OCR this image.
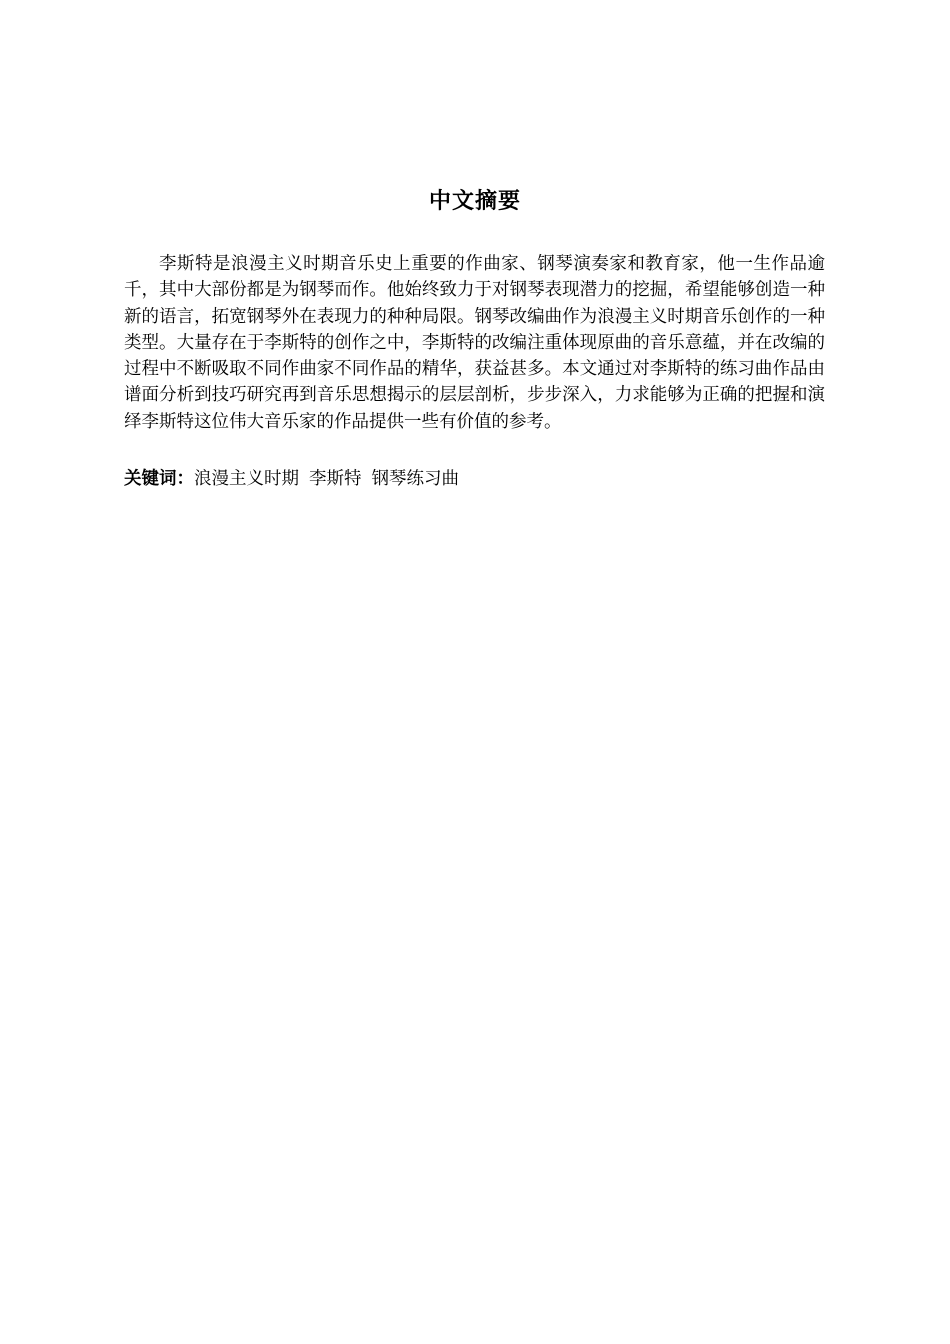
中文摘要

李斯特是浪漫主义时期音乐史上重要的作曲家、钢琴演奏家和教育家，他一生作品逾千，其中大部份都是为钢琴而作。他始终致力于对钢琴表现潜力的挖掘，希望能够创造一种新的语言，拓宽钢琴外在表现力的种种局限。钢琴改编曲作为浪漫主义时期音乐创作的一种类型。大量存在于李斯特的创作之中，李斯特的改编注重体现原曲的音乐意蕴，并在改编的过程中不断吸取不同作曲家不同作品的精华，获益甚多。本文通过对李斯特的练习曲作品由谱面分析到技巧研究再到音乐思想揭示的层层剖析，步步深入，力求能够为正确的把握和演绎李斯特这位伟大音乐家的作品提供一些有价值的参考。

关键词：浪漫主义时期 李斯特 钢琴练习曲
